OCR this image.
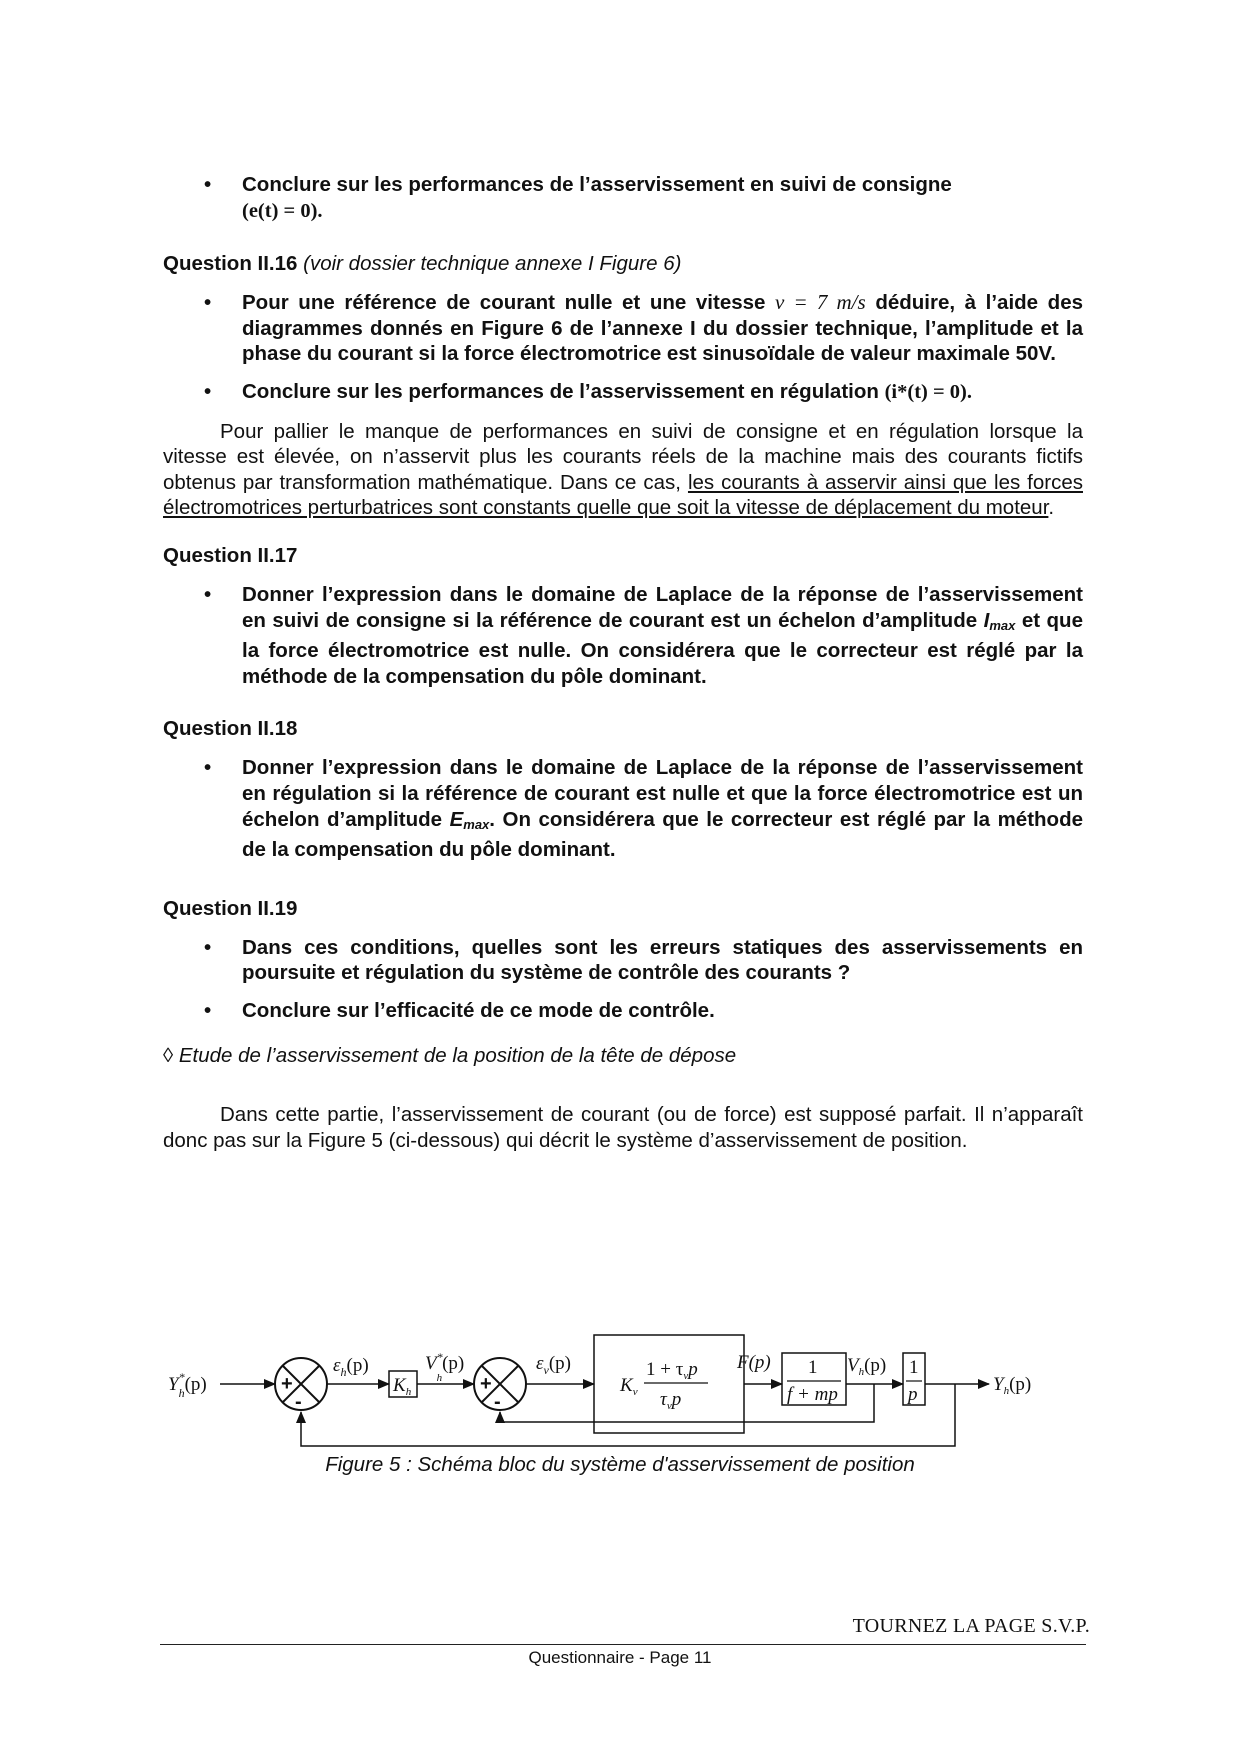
• Conclure sur les performances de l’asservissement en suivi de consigne
(e(t) = 0).
Question II.16 (voir dossier technique annexe I Figure 6)
• Pour une référence de courant nulle et une vitesse v = 7 m/s déduire, à l’aide des diagrammes donnés en Figure 6 de l’annexe I du dossier technique, l’amplitude et la phase du courant si la force électromotrice est sinusoïdale de valeur maximale 50V.
• Conclure sur les performances de l’asservissement en régulation (i*(t) = 0).
Pour pallier le manque de performances en suivi de consigne et en régulation lorsque la vitesse est élevée, on n’asservit plus les courants réels de la machine mais des courants fictifs obtenus par transformation mathématique. Dans ce cas, les courants à asservir ainsi que les forces électromotrices perturbatrices sont constants quelle que soit la vitesse de déplacement du moteur.
Question II.17
• Donner l’expression dans le domaine de Laplace de la réponse de l’asservissement en suivi de consigne si la référence de courant est un échelon d’amplitude $I_{max}$ et que la force électromotrice est nulle. On considérera que le correcteur est réglé par la méthode de la compensation du pôle dominant.
Question II.18
• Donner l’expression dans le domaine de Laplace de la réponse de l’asservissement en régulation si la référence de courant est nulle et que la force électromotrice est un échelon d’amplitude $E_{max}$. On considérera que le correcteur est réglé par la méthode de la compensation du pôle dominant.
Question II.19
• Dans ces conditions, quelles sont les erreurs statiques des asservissements en poursuite et régulation du système de contrôle des courants ?
• Conclure sur l’efficacité de ce mode de contrôle.
◊ Etude de l’asservissement de la position de la tête de dépose
Dans cette partie, l’asservissement de courant (ou de force) est supposé parfait. Il n’apparaît donc pas sur la Figure 5 (ci-dessous) qui décrit le système d’asservissement de position.
Y* h(p)	+
-
$\varepsilon_h(p)$
$K_h$
V* h(p)
+
-
$\varepsilon_v(p)$
$K_v$
$1 + \tau_vp$
$\tau_vp$
F(p) 1
f + mp
$V_h(p)$ 1
p	$Y_h(p)$
Figure 5 : Schéma bloc du système d'asservissement de position
TOURNEZ LA PAGE S.V.P.
Questionnaire - Page 11
